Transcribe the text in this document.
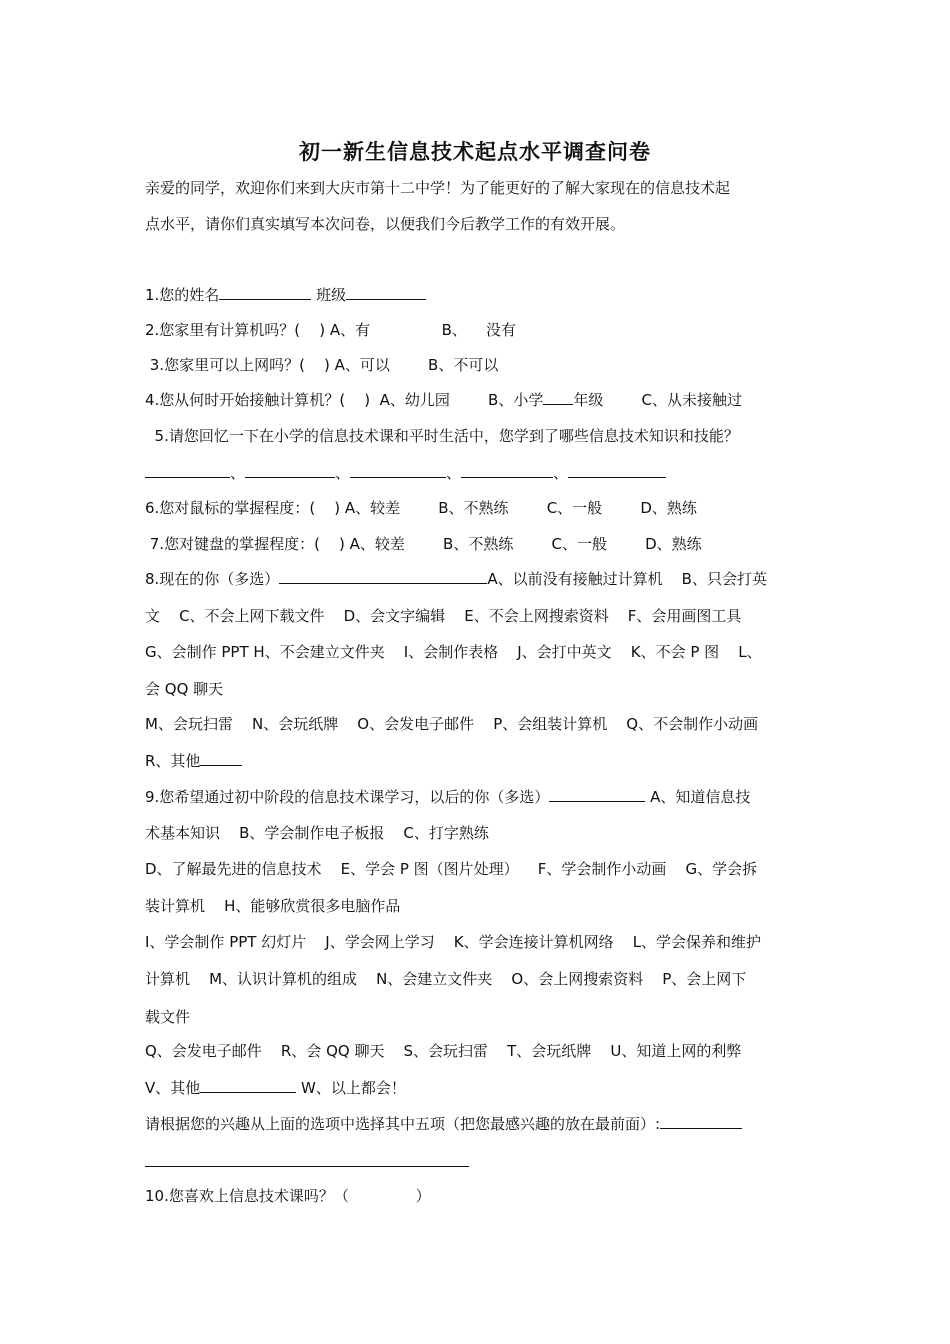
初一新生信息技术起点水平调查问卷
亲爱的同学，欢迎你们来到大庆市第十二中学！为了能更好的了解大家现在的信息技术起
点水平，请你们真实填写本次问卷，以便我们今后教学工作的有效开展。
1.您的姓名	班级
2.您家里有计算机吗？(    ) A、有               B、    没有
3.您家里可以上网吗？(    ) A、可以        B、不可以
4.您从何时开始接触计算机？(    )  A、幼儿园        B、小学 年级        C、从未接触过
5.请您回忆一下在小学的信息技术课和平时生活中，您学到了哪些信息技术知识和技能？
、	、	、	、
6.您对鼠标的掌握程度：(    ) A、较差        B、不熟练        C、一般        D、熟练
7.您对键盘的掌握程度：(    ) A、较差        B、不熟练        C、一般        D、熟练
8.现在的你（多选）	A、以前没有接触过计算机    B、只会打英
文    C、不会上网下载文件    D、会文字编辑    E、不会上网搜索资料    F、会用画图工具
G、会制作 PPT H、不会建立文件夹    I、会制作表格    J、会打中英文    K、不会 P 图    L、
会 QQ 聊天
M、会玩扫雷    N、会玩纸牌    O、会发电子邮件    P、会组装计算机    Q、不会制作小动画
R、其他
9.您希望通过初中阶段的信息技术课学习，以后的你（多选）	A、知道信息技
术基本知识    B、学会制作电子板报    C、打字熟练
D、了解最先进的信息技术    E、学会 P 图（图片处理）    F、学会制作小动画    G、学会拆
装计算机    H、能够欣赏很多电脑作品
I、学会制作 PPT 幻灯片    J、学会网上学习    K、学会连接计算机网络    L、学会保养和维护
计算机    M、认识计算机的组成    N、会建立文件夹    O、会上网搜索资料    P、会上网下
载文件
Q、会发电子邮件    R、会 QQ 聊天    S、会玩扫雷    T、会玩纸牌    U、知道上网的利弊
V、其他	W、以上都会！
请根据您的兴趣从上面的选项中选择其中五项（把您最感兴趣的放在最前面）:
10.您喜欢上信息技术课吗？（              ）
